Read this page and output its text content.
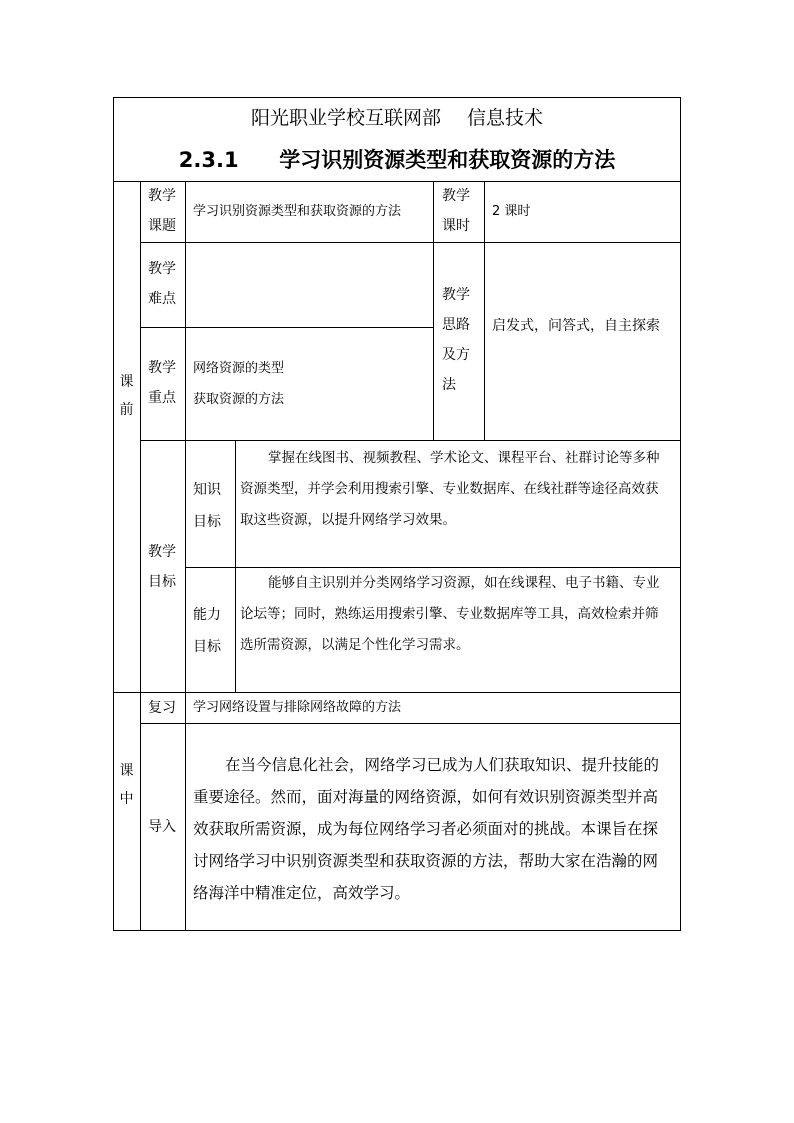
阳光职业学校互联网部 信息技术
2.3.1 学习识别资源类型和获取资源的方法
课
前
教学
课题
学习识别资源类型和获取资源的方法
教学
课时
2 课时
教学
难点	教学
思路
及方
法
启发式，问答式，自主探索
教学
重点
网络资源的类型
获取资源的方法
教学
目标
知识
目标
掌握在线图书、视频教程、学术论文、课程平台、社群讨论等多种
资源类型，并学会利用搜索引擎、专业数据库、在线社群等途径高效获
取这些资源，以提升网络学习效果。
能力
目标
能够自主识别并分类网络学习资源，如在线课程、电子书籍、专业
论坛等；同时，熟练运用搜索引擎、专业数据库等工具，高效检索并筛
选所需资源，以满足个性化学习需求。
课
中
复习 学习网络设置与排除网络故障的方法
导入
在当今信息化社会，网络学习已成为人们获取知识、提升技能的
重要途径。然而，面对海量的网络资源，如何有效识别资源类型并高
效获取所需资源，成为每位网络学习者必须面对的挑战。本课旨在探
讨网络学习中识别资源类型和获取资源的方法，帮助大家在浩瀚的网
络海洋中精准定位，高效学习。
